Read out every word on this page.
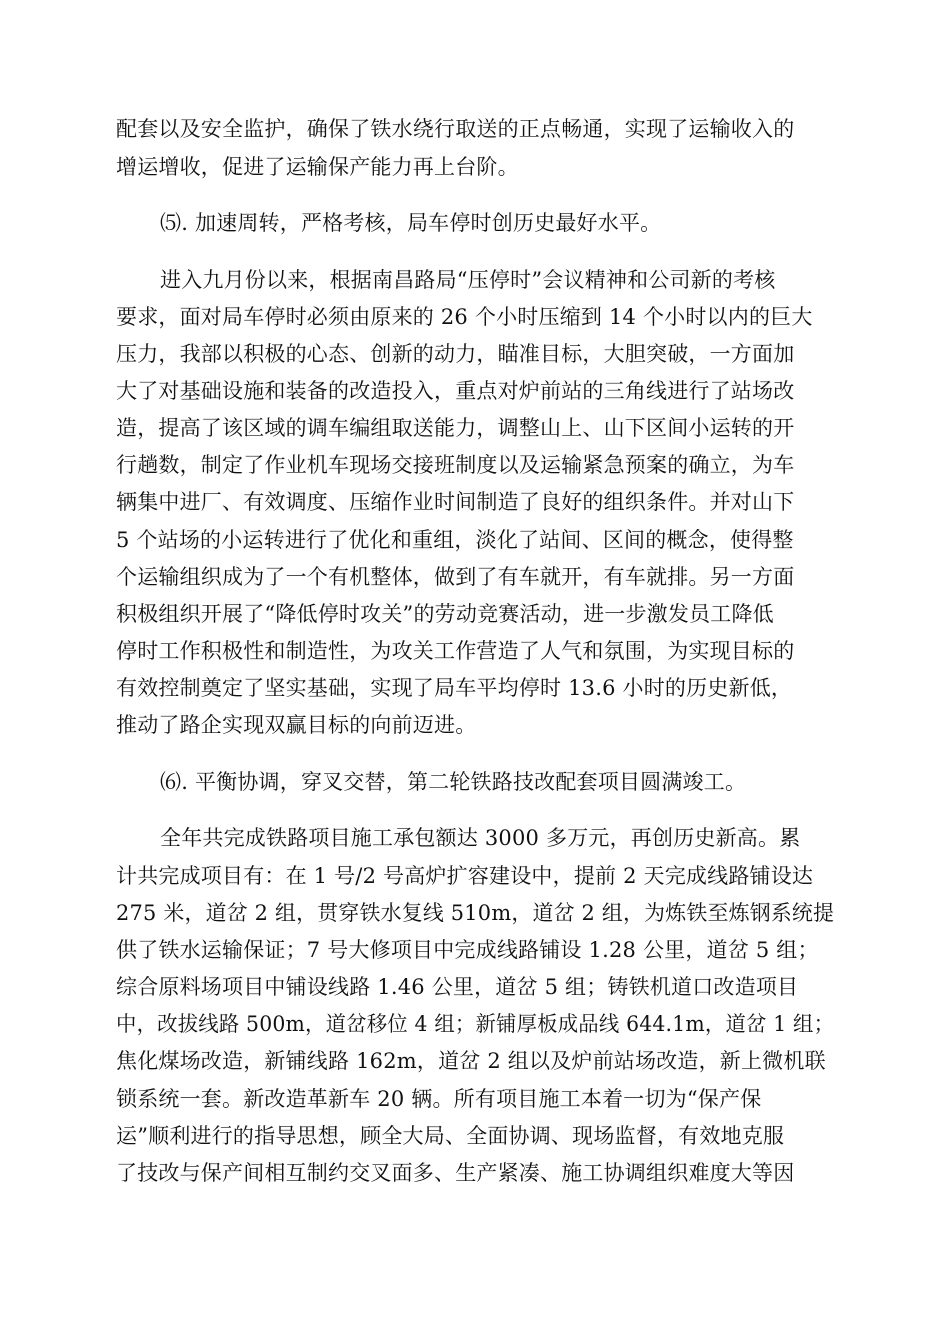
配套以及安全监护，确保了铁水绕行取送的正点畅通，实现了运输收入的
增运增收，促进了运输保产能力再上台阶。
⑸. 加速周转，严格考核，局车停时创历史最好水平。
进入九月份以来，根据南昌路局“压停时”会议精神和公司新的考核
要求，面对局车停时必须由原来的 26 个小时压缩到 14 个小时以内的巨大
压力，我部以积极的心态、创新的动力，瞄准目标，大胆突破，一方面加
大了对基础设施和装备的改造投入，重点对炉前站的三角线进行了站场改
造，提高了该区域的调车编组取送能力，调整山上、山下区间小运转的开
行趟数，制定了作业机车现场交接班制度以及运输紧急预案的确立，为车
辆集中进厂、有效调度、压缩作业时间制造了良好的组织条件。并对山下
5 个站场的小运转进行了优化和重组，淡化了站间、区间的概念，使得整
个运输组织成为了一个有机整体，做到了有车就开，有车就排。另一方面
积极组织开展了“降低停时攻关”的劳动竞赛活动，进一步激发员工降低
停时工作积极性和制造性，为攻关工作营造了人气和氛围，为实现目标的
有效控制奠定了坚实基础，实现了局车平均停时 13.6 小时的历史新低，
推动了路企实现双赢目标的向前迈进。
⑹. 平衡协调，穿叉交替，第二轮铁路技改配套项目圆满竣工。
全年共完成铁路项目施工承包额达 3000 多万元，再创历史新高。累
计共完成项目有：在 1 号/2 号高炉扩容建设中，提前 2 天完成线路铺设达
275 米，道岔 2 组，贯穿铁水复线 510m，道岔 2 组，为炼铁至炼钢系统提
供了铁水运输保证；7 号大修项目中完成线路铺设 1.28 公里，道岔 5 组；
综合原料场项目中铺设线路 1.46 公里，道岔 5 组；铸铁机道口改造项目
中，改拔线路 500m，道岔移位 4 组；新铺厚板成品线 644.1m，道岔 1 组；
焦化煤场改造，新铺线路 162m，道岔 2 组以及炉前站场改造，新上微机联
锁系统一套。新改造革新车 20 辆。所有项目施工本着一切为“保产保
运”顺利进行的指导思想，顾全大局、全面协调、现场监督，有效地克服
了技改与保产间相互制约交叉面多、生产紧凑、施工协调组织难度大等因
